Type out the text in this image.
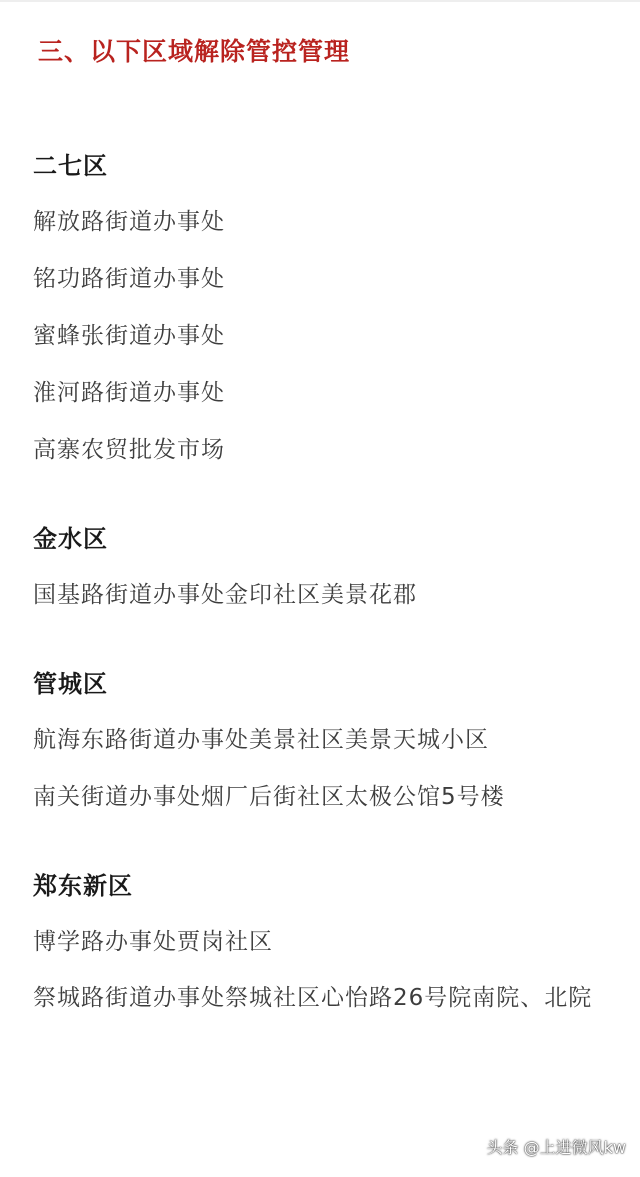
三、以下区域解除管控管理
二七区
解放路街道办事处
铭功路街道办事处
蜜蜂张街道办事处
淮河路街道办事处
高寨农贸批发市场
金水区
国基路街道办事处金印社区美景花郡
管城区
航海东路街道办事处美景社区美景天城小区
南关街道办事处烟厂后街社区太极公馆5号楼
郑东新区
博学路办事处贾岗社区
祭城路街道办事处祭城社区心怡路26号院南院、北院
头条 @上进微风kw
